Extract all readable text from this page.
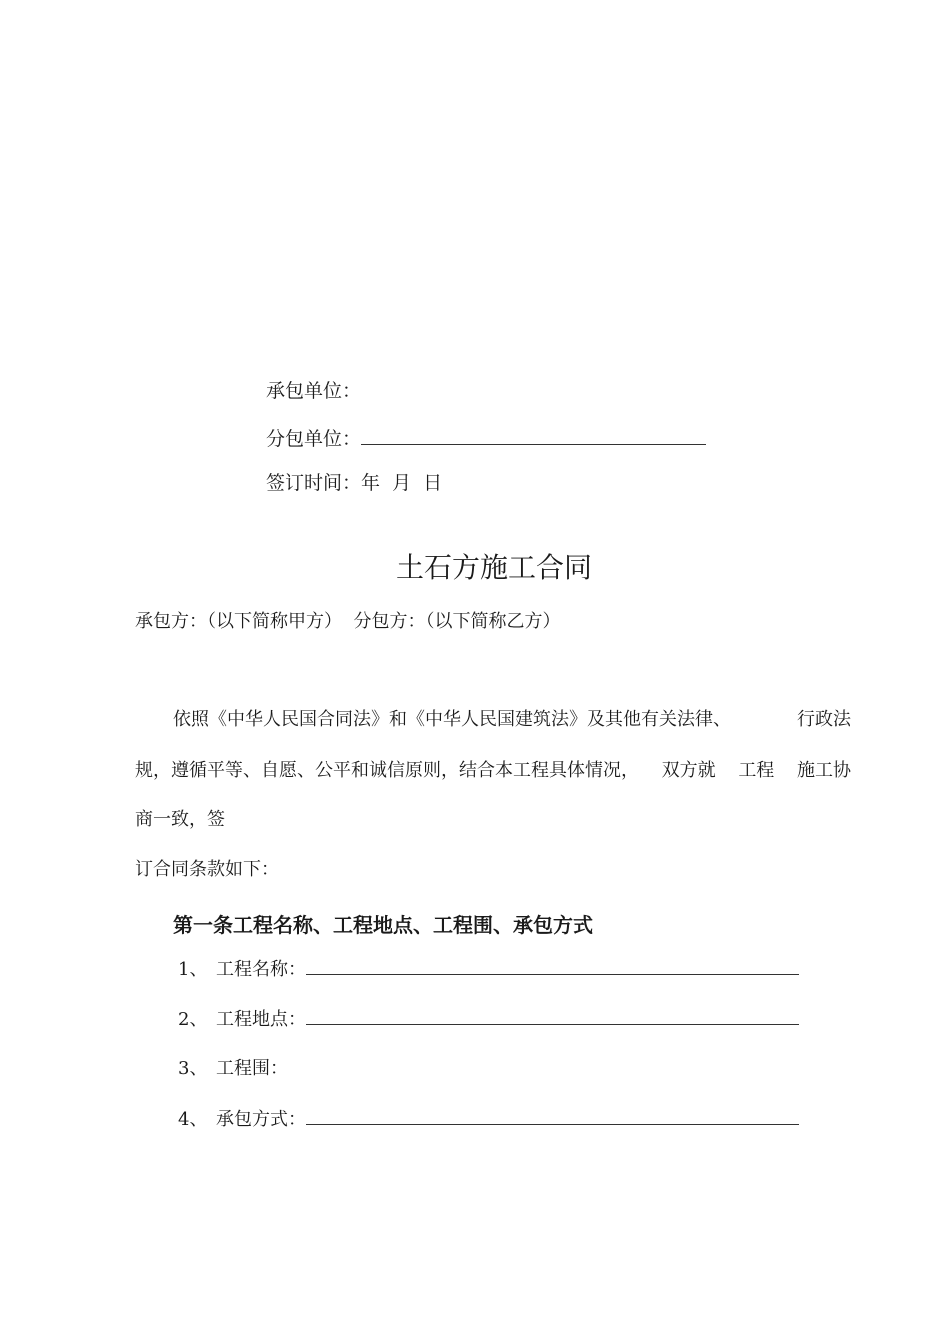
承包单位：
分包单位：
签订时间：年  月  日
土石方施工合同
承包方：（以下简称甲方）  分包方：（以下简称乙方）
依照《中华人民国合同法》和《中华人民国建筑法》及其他有关法律、	行政法
规，遵循平等、自愿、公平和诚信原则，结合本工程具体情况， 双方就 工程 施工协
商一致，签
订合同条款如下：
第一条工程名称、工程地点、工程围、承包方式
1、 工程名称：
2、 工程地点：
3、 工程围：
4、 承包方式：
